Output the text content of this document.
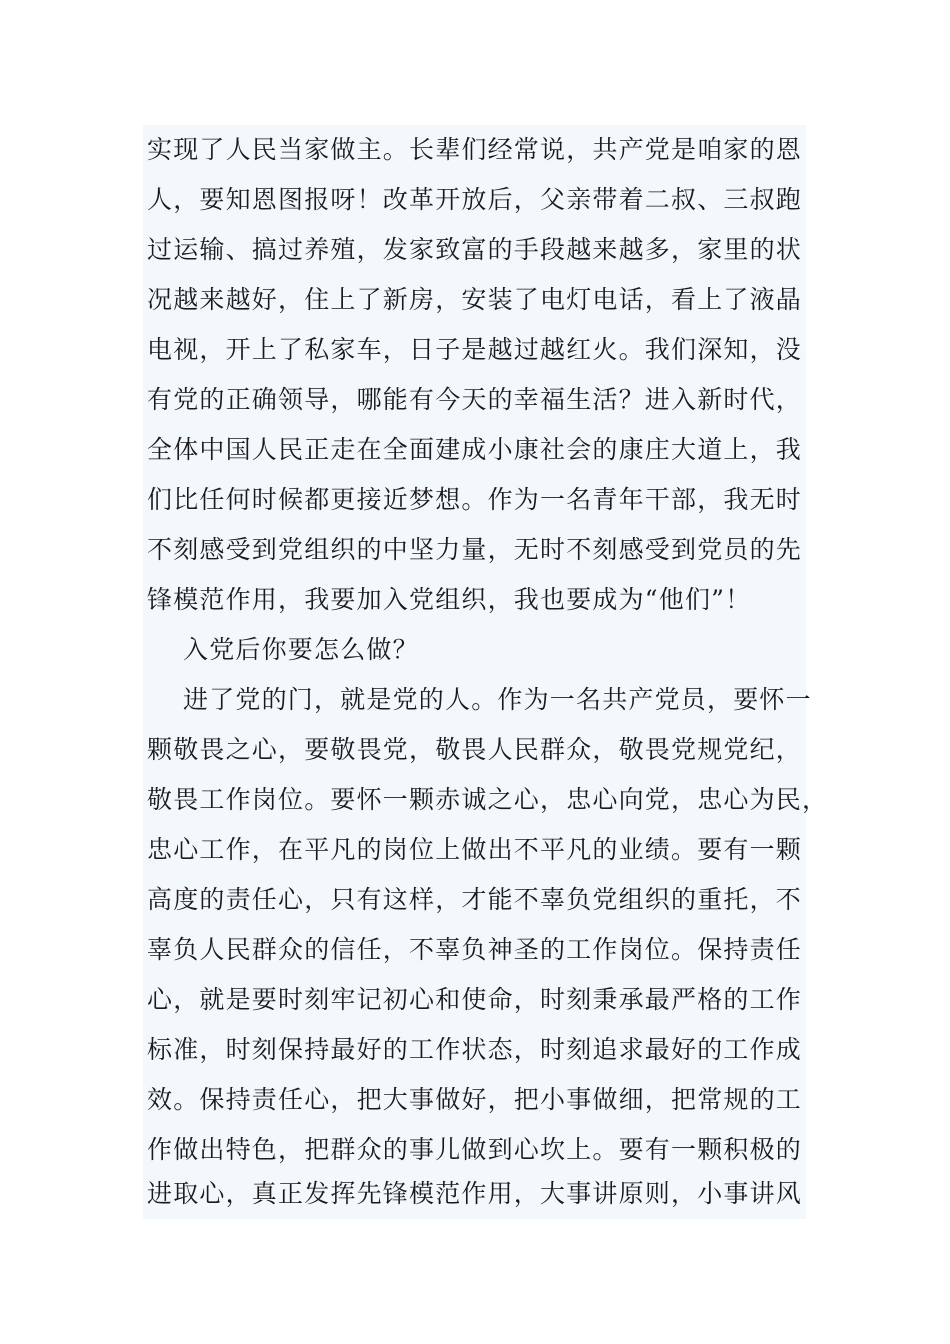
实现了人民当家做主。长辈们经常说，共产党是咱家的恩
人，要知恩图报呀！改革开放后，父亲带着二叔、三叔跑
过运输、搞过养殖，发家致富的手段越来越多，家里的状
况越来越好，住上了新房，安装了电灯电话，看上了液晶
电视，开上了私家车，日子是越过越红火。我们深知，没
有党的正确领导，哪能有今天的幸福生活？进入新时代，
全体中国人民正走在全面建成小康社会的康庄大道上，我
们比任何时候都更接近梦想。作为一名青年干部，我无时
不刻感受到党组织的中坚力量，无时不刻感受到党员的先
锋模范作用，我要加入党组织，我也要成为“他们”！
入党后你要怎么做？
进了党的门，就是党的人。作为一名共产党员，要怀一
颗敬畏之心，要敬畏党，敬畏人民群众，敬畏党规党纪，
敬畏工作岗位。要怀一颗赤诚之心，忠心向党，忠心为民，
忠心工作，在平凡的岗位上做出不平凡的业绩。要有一颗
高度的责任心，只有这样，才能不辜负党组织的重托，不
辜负人民群众的信任，不辜负神圣的工作岗位。保持责任
心，就是要时刻牢记初心和使命，时刻秉承最严格的工作
标准，时刻保持最好的工作状态，时刻追求最好的工作成
效。保持责任心，把大事做好，把小事做细，把常规的工
作做出特色，把群众的事儿做到心坎上。要有一颗积极的
进取心，真正发挥先锋模范作用，大事讲原则，小事讲风
